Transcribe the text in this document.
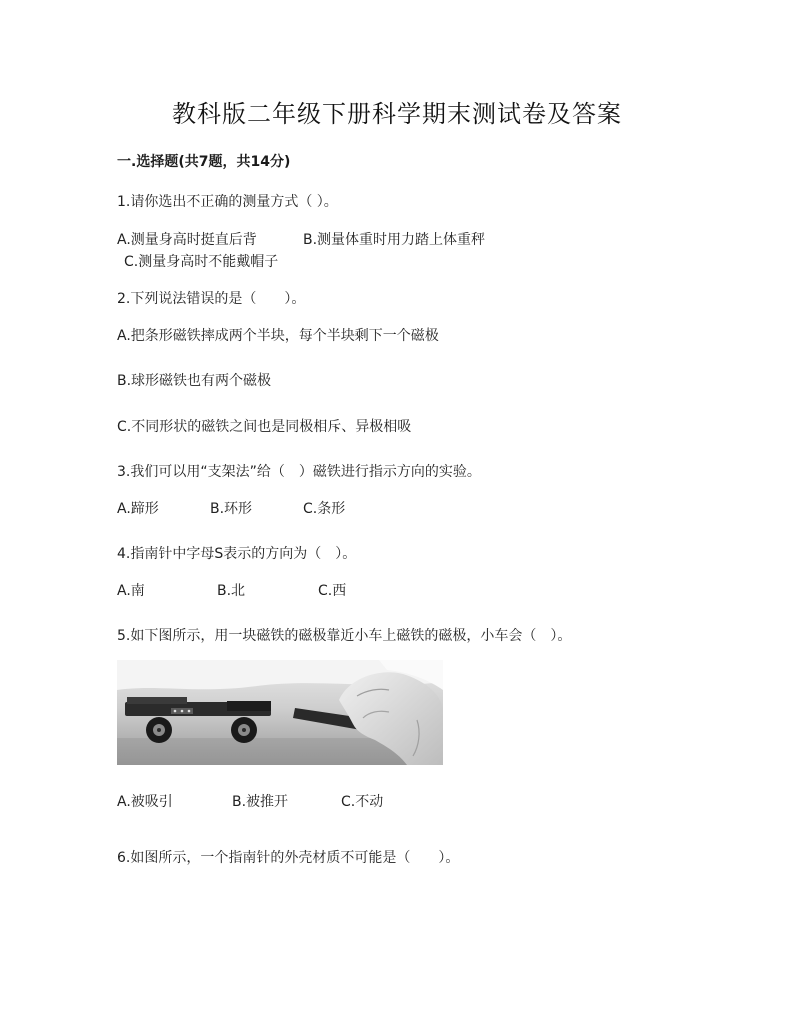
教科版二年级下册科学期末测试卷及答案
一.选择题(共7题，共14分)
1.请你选出不正确的测量方式（ ）。
A.测量身高时挺直后背	B.测量体重时用力踏上体重秤
C.测量身高时不能戴帽子
2.下列说法错误的是（　　）。
A.把条形磁铁摔成两个半块，每个半块剩下一个磁极
B.球形磁铁也有两个磁极
C.不同形状的磁铁之间也是同极相斥、异极相吸
3.我们可以用“支架法”给（　）磁铁进行指示方向的实验。
A.蹄形	B.环形	C.条形
4.指南针中字母S表示的方向为（　）。
A.南	B.北	C.西
5.如下图所示，用一块磁铁的磁极靠近小车上磁铁的磁极，小车会（　）。
A.被吸引	B.被推开	C.不动
6.如图所示，一个指南针的外壳材质不可能是（　　）。
